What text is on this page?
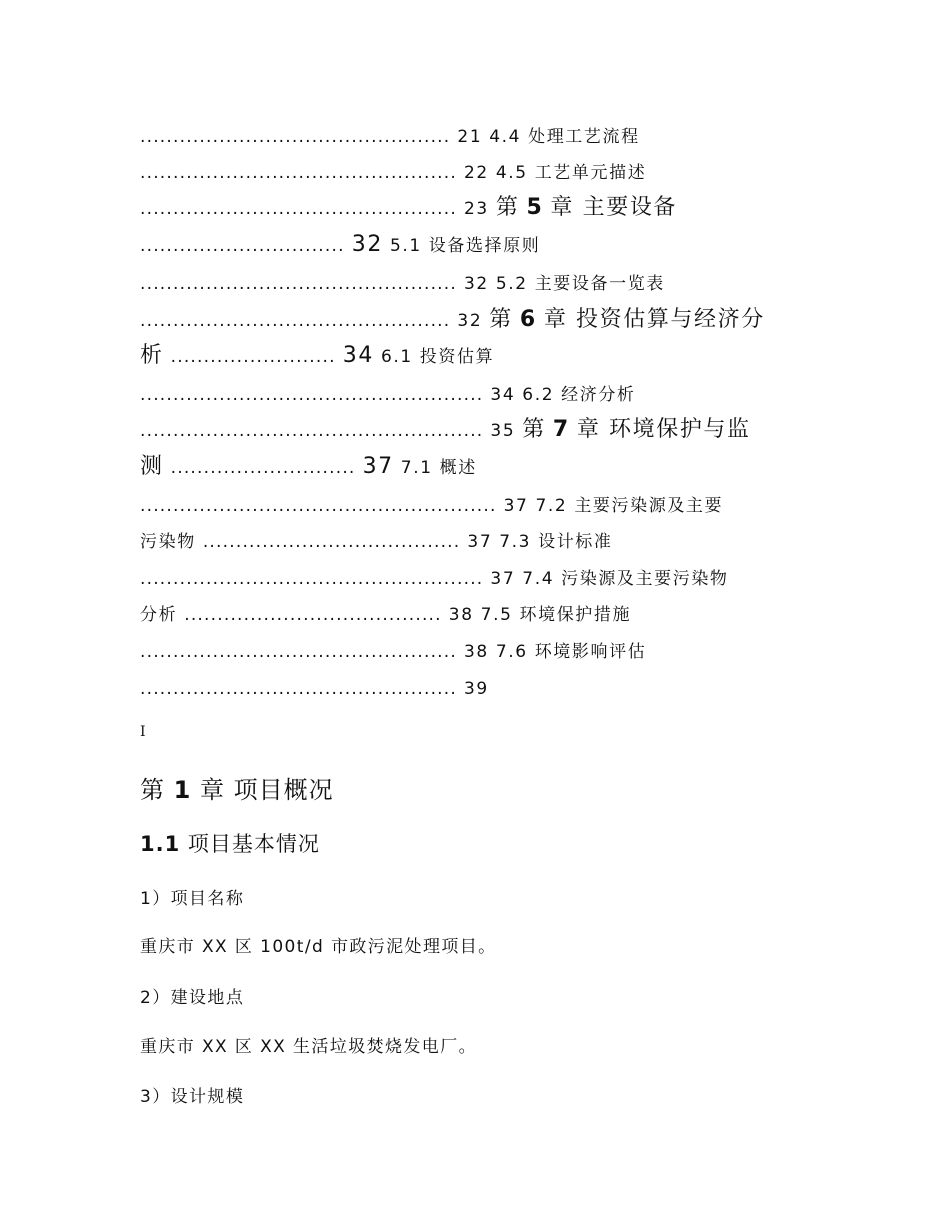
............................................... 21 4.4 处理工艺流程
................................................ 22 4.5 工艺单元描述
................................................ 23 第 5 章 主要设备
............................... 32 5.1 设备选择原则
................................................ 32 5.2 主要设备一览表
............................................... 32 第 6 章 投资估算与经济分
析 ......................... 34 6.1 投资估算
.................................................... 34 6.2 经济分析
.................................................... 35 第 7 章 环境保护与监
测 ............................ 37 7.1 概述
...................................................... 37 7.2 主要污染源及主要
污染物 ....................................... 37 7.3 设计标准
.................................................... 37 7.4 污染源及主要污染物
分析 ....................................... 38 7.5 环境保护措施
................................................ 38 7.6 环境影响评估
................................................ 39
I
第 1 章 项目概况
1.1 项目基本情况
1）项目名称
重庆市 XX 区 100t/d 市政污泥处理项目。
2）建设地点
重庆市 XX 区 XX 生活垃圾焚烧发电厂。
3）设计规模
